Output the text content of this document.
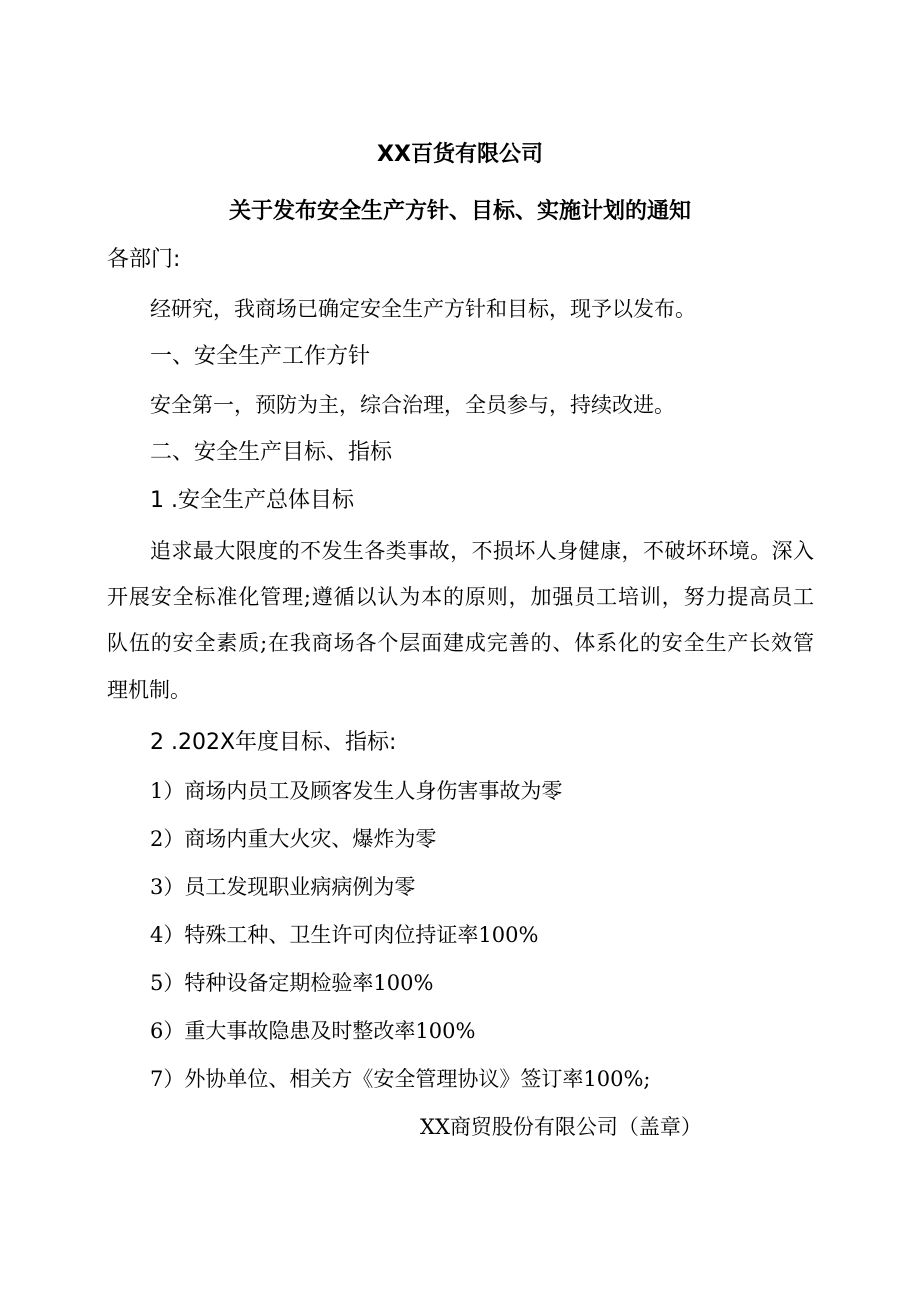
XX百货有限公司
关于发布安全生产方针、目标、实施计划的通知
各部门:
经研究，我商场已确定安全生产方针和目标，现予以发布。
一、安全生产工作方针
安全第一，预防为主，综合治理，全员参与，持续改进。
二、安全生产目标、指标
1 .安全生产总体目标
追求最大限度的不发生各类事故，不损坏人身健康，不破坏环境。深入
开展安全标准化管理;遵循以认为本的原则，加强员工培训，努力提高员工
队伍的安全素质;在我商场各个层面建成完善的、体系化的安全生产长效管
理机制。
2 .202X年度目标、指标:
1）商场内员工及顾客发生人身伤害事故为零
2）商场内重大火灾、爆炸为零
3）员工发现职业病病例为零
4）特殊工种、卫生许可肉位持证率100%
5）特种设备定期检验率100%
6）重大事故隐患及时整改率100%
7）外协单位、相关方《安全管理协议》签订率100%;
XX商贸股份有限公司（盖章）
